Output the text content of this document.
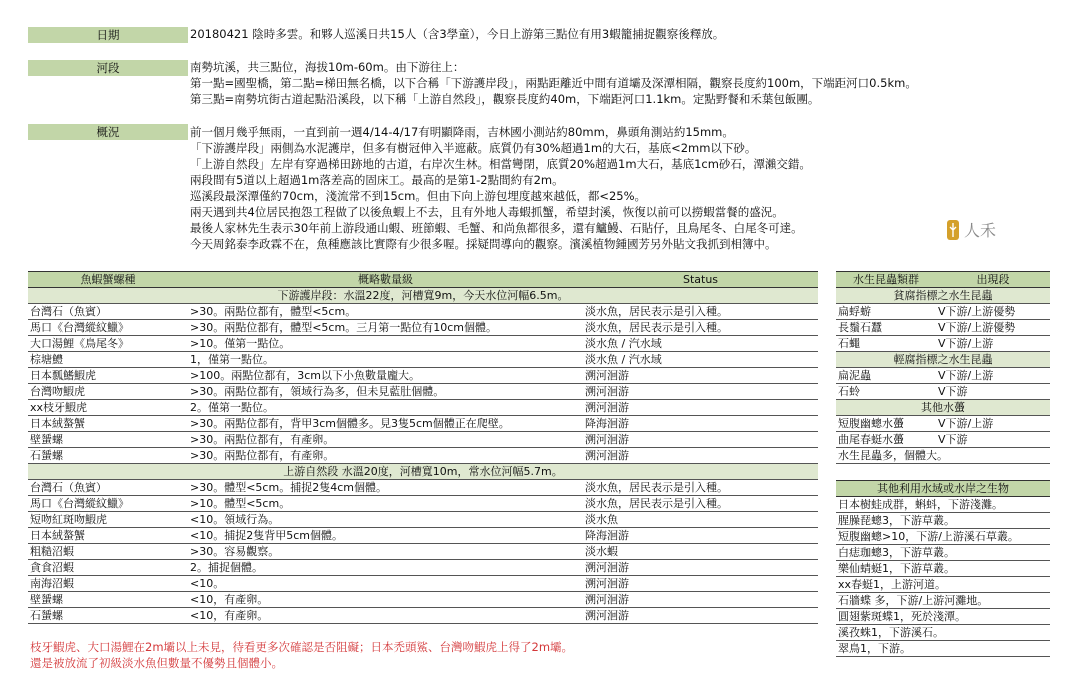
日期	20180421 陰時多雲。和夥人巡溪日共15人（含3學童），今日上游第三點位有用3蝦籠捕捉觀察後釋放。
河段	南勢坑溪，共三點位，海拔10m-60m。由下游往上：
第一點=國聖橋，第二點=梯田無名橋，以下合稱「下游護岸段」，兩點距離近中間有道壩及深潭相隔，觀察長度約100m，下端距河口0.5km。
第三點=南勢坑街古道起點沿溪段，以下稱「上游自然段」，觀察長度約40m，下端距河口1.1km。定點野餐和禾葉包飯團。
概況	前一個月幾乎無雨，一直到前一週4/14-4/17有明顯降雨，吉林國小測站約80mm，鼻頭角測站約15mm。
「下游護岸段」兩側為水泥護岸，但多有樹冠伸入半遮蔽。底質仍有30%超過1m的大石，基底<2mm以下砂。
「上游自然段」左岸有穿過梯田跡地的古道，右岸次生林。相當彎閉，底質20%超過1m大石，基底1cm砂石，潭瀨交錯。
兩段間有5道以上超過1m落差高的固床工。最高的是第1-2點間約有2m。
巡溪段最深潭僅約70cm，淺流常不到15cm。但由下向上游包埋度越來越低，都<25%。
兩天遇到共4位居民抱怨工程做了以後魚蝦上不去，且有外地人毒蝦抓蟹，希望封溪，恢復以前可以撈蝦當餐的盛況。
最後人家林先生表示30年前上游段通山蝦、班節蝦、毛蟹、和尚魚都很多，還有鱸鰻、石貼仔，且鳥尾冬、白尾冬可達。
今天周銘泰李政霖不在，魚種應該比實際有少很多喔。採疑問導向的觀察。濱溪植物鍾國芳另外貼文我抓到相簿中。
人禾
魚蝦蟹螺種	概略數量級	Status
下游護岸段：水溫22度，河槽寬9m，今天水位河幅6.5m。		
台灣石（魚賓）	>30。兩點位都有，體型<5cm。	淡水魚，居民表示是引入種。
馬口《台灣縱紋鱲》	>30。兩點位都有，體型<5cm。三月第一點位有10cm個體。	淡水魚，居民表示是引入種。
大口湯鯉《鳥尾冬》	>10。僅第一點位。	淡水魚 / 汽水域
棕塘鱧	1，僅第一點位。	淡水魚 / 汽水域
日本瓢鰭鰕虎	>100。兩點位都有，3cm以下小魚數量龐大。	溯河洄游
台灣吻鰕虎	>30。兩點位都有，領域行為多，但未見藍肚個體。	溯河洄游
xx枝牙鰕虎	2。僅第一點位。	溯河洄游
日本絨螯蟹	>30。兩點位都有，背甲3cm個體多。見3隻5cm個體正在爬壁。	降海洄游
壁蜑螺	>30。兩點位都有，有產卵。	溯河洄游
石蜑螺	>30。兩點位都有，有產卵。	溯河洄游
上游自然段 水溫20度，河槽寬10m，常水位河幅5.7m。		
台灣石（魚賓）	>30。體型<5cm。捕捉2隻4cm個體。	淡水魚，居民表示是引入種。
馬口《台灣縱紋鱲》	>10。體型<5cm。	淡水魚，居民表示是引入種。
短吻紅斑吻鰕虎	<10。領域行為。	淡水魚
日本絨螯蟹	<10。捕捉2隻背甲5cm個體。	降海洄游
粗糙沼蝦	>30。容易觀察。	淡水蝦
貪食沼蝦	2。捕捉個體。	溯河洄游
南海沼蝦	<10。	溯河洄游
壁蜑螺	<10，有產卵。	溯河洄游
石蜑螺	<10，有產卵。	溯河洄游
水生昆蟲類群	出現段
貧腐指標之水生昆蟲	
扁蜉蝣	V下游/上游優勢
長鬚石蠶	V下游/上游優勢
石蠅	V下游/上游
輕腐指標之水生昆蟲	
扁泥蟲	V下游/上游
石蛉	V下游
其他水蠆	
短腹幽蟌水蠆	V下游/上游
曲尾春蜓水蠆	V下游
水生昆蟲多，個體大。	
其他利用水域或水岸之生物
日本樹蛙成群，蝌蚪，下游淺灘。
腥臊琵蟌3，下游草叢。
短腹幽蟌>10，下游/上游溪石草叢。
白痣珈蟌3，下游草叢。
樂仙蜻蜓1，下游草叢。
xx春蜓1，上游河道。
石牆蝶 多，下游/上游河灘地。
圓翅紫斑蝶1，死於淺潭。
溪孜蛛1，下游溪石。
翠鳥1，下游。
枝牙鰕虎、大口湯鯉在2m壩以上未見，待看更多次確認是否阻礙；日本禿頭鯊、台灣吻鰕虎上得了2m壩。
還是被放流了初級淡水魚但數量不優勢且個體小。
